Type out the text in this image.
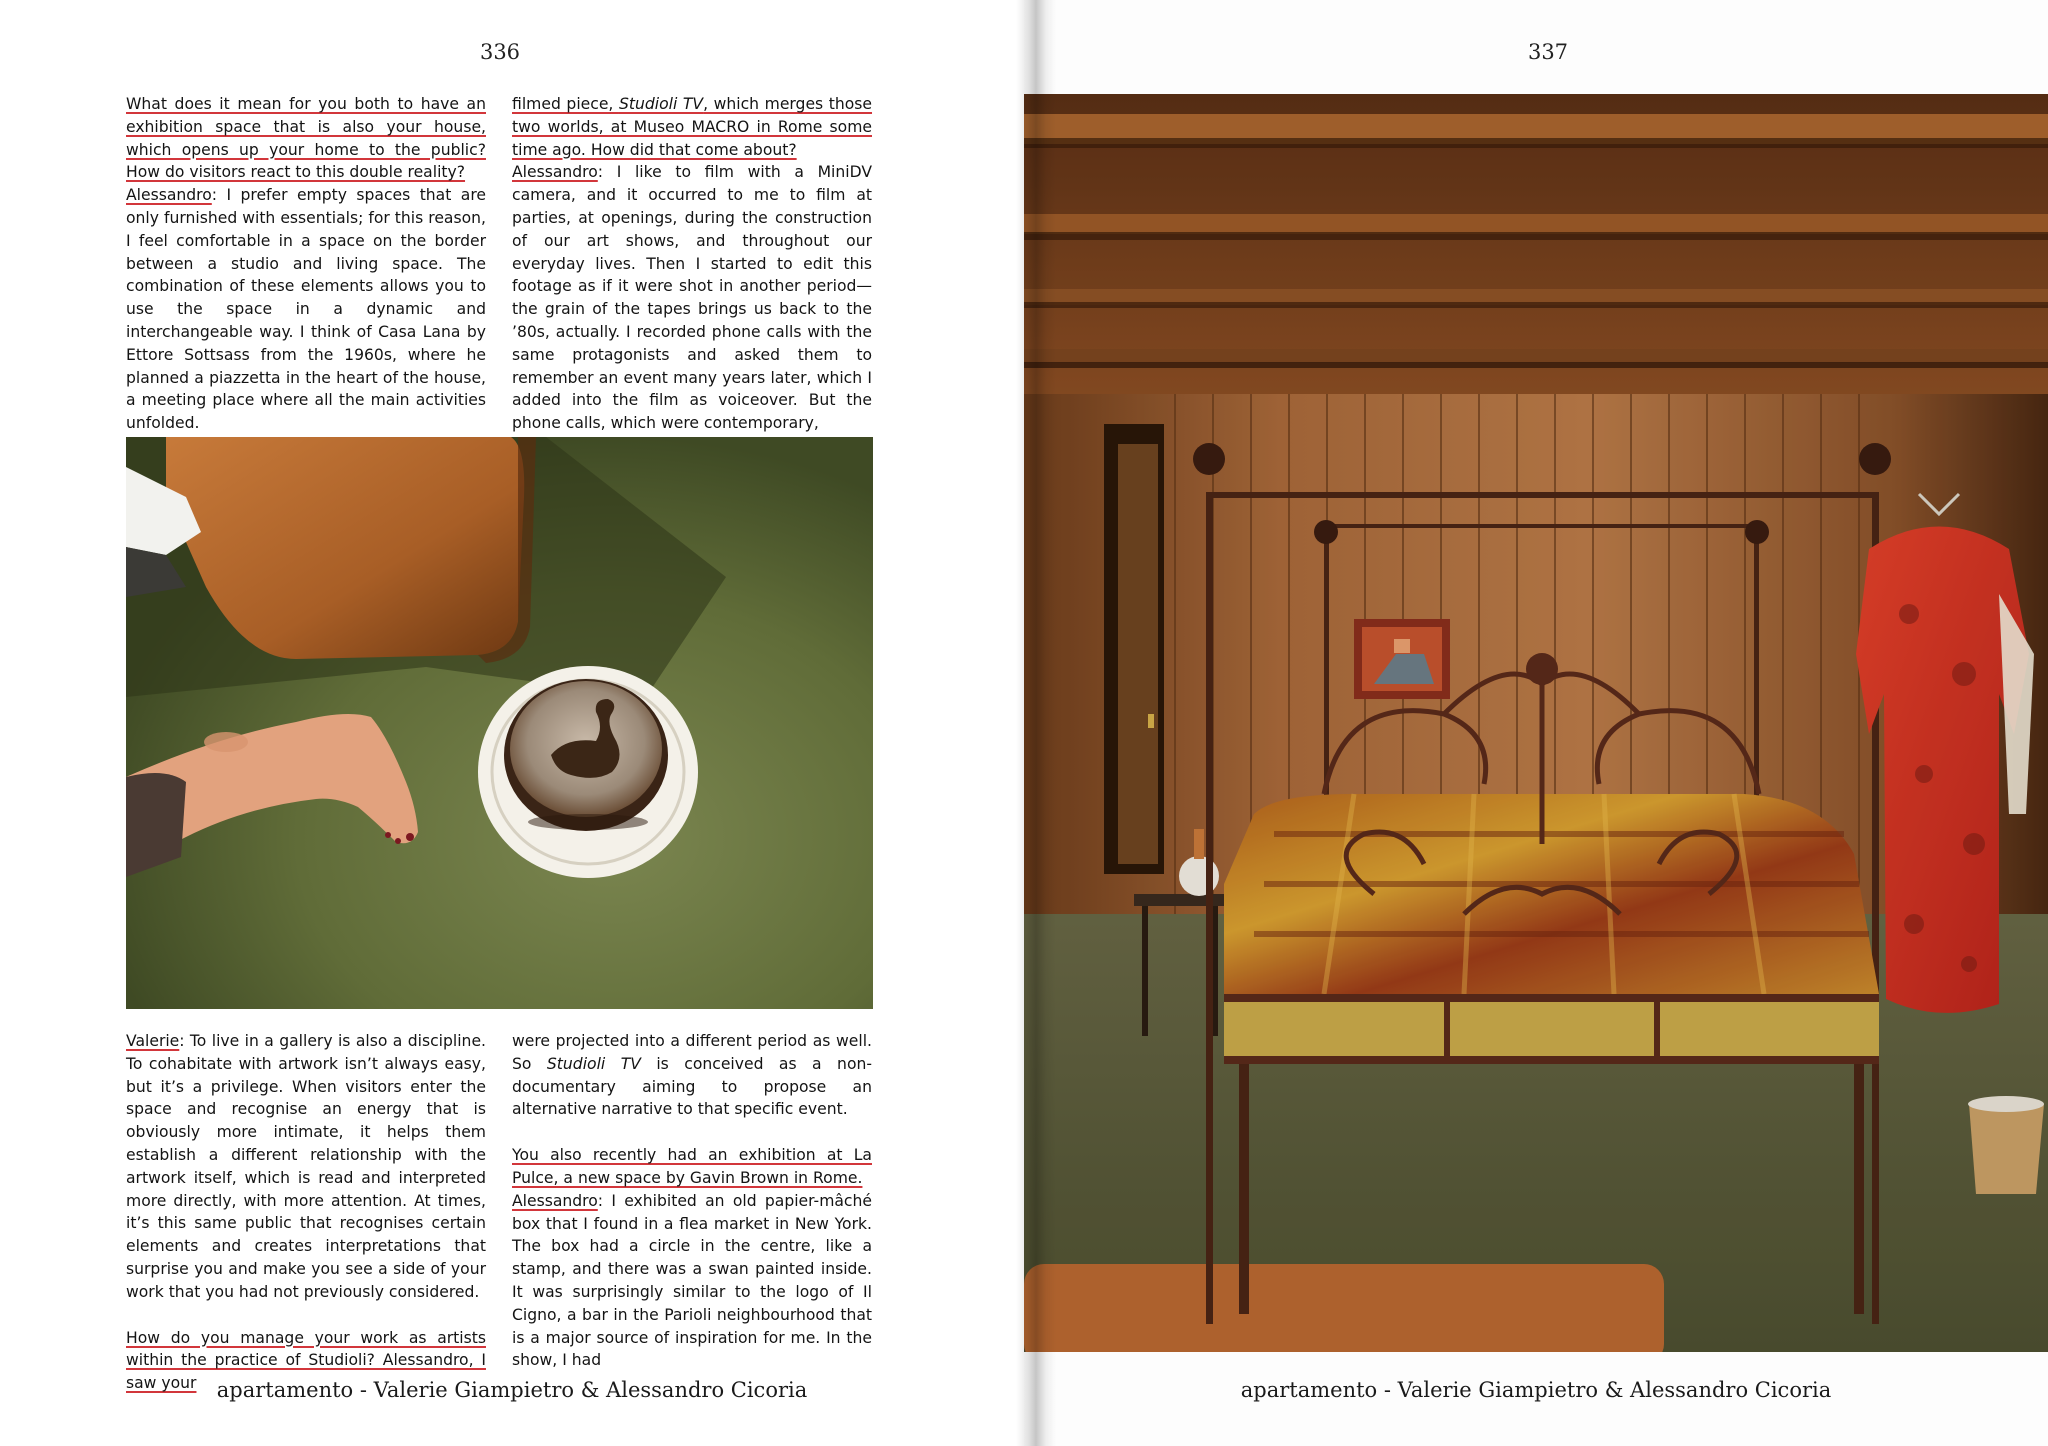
336

What does it mean for you both to have an exhibition space that is also your house, which opens up your home to the public? How do visitors react to this double reality?

Alessandro: I prefer empty spaces that are only furnished with essentials; for this reason, I feel comfortable in a space on the border between a studio and living space. The combination of these elements allows you to use the space in a dynamic and interchangeable way. I think of Casa Lana by Ettore Sottsass from the 1960s, where he planned a piazzetta in the heart of the house, a meeting place where all the main activities unfolded.

filmed piece, Studioli TV, which merges those two worlds, at Museo MACRO in Rome some time ago. How did that come about?

Alessandro: I like to film with a MiniDV camera, and it occurred to me to film at parties, at openings, during the construction of our art shows, and throughout our everyday lives. Then I started to edit this footage as if it were shot in another period—the grain of the tapes brings us back to the ’80s, actually. I recorded phone calls with the same protagonists and asked them to remember an event many years later, which I added into the film as voiceover. But the phone calls, which were contemporary,

Valerie: To live in a gallery is also a discipline. To cohabitate with artwork isn’t always easy, but it’s a privilege. When visitors enter the space and recognise an energy that is obviously more intimate, it helps them establish a different relationship with the artwork itself, which is read and interpreted more directly, with more attention. At times, it’s this same public that recognises certain elements and creates interpretations that surprise you and make you see a side of your work that you had not previously considered.

How do you manage your work as artists within the practice of Studioli? Alessandro, I saw your

were projected into a different period as well. So Studioli TV is conceived as a non-documentary aiming to propose an alternative narrative to that specific event.

You also recently had an exhibition at La Pulce, a new space by Gavin Brown in Rome.

Alessandro: I exhibited an old papier-mâché box that I found in a flea market in New York. The box had a circle in the centre, like a stamp, and there was a swan painted inside. It was surprisingly similar to the logo of Il Cigno, a bar in the Parioli neighbourhood that is a major source of inspiration for me. In the show, I had

apartamento - Valerie Giampietro & Alessandro Cicoria
337
apartamento - Valerie Giampietro & Alessandro Cicoria
